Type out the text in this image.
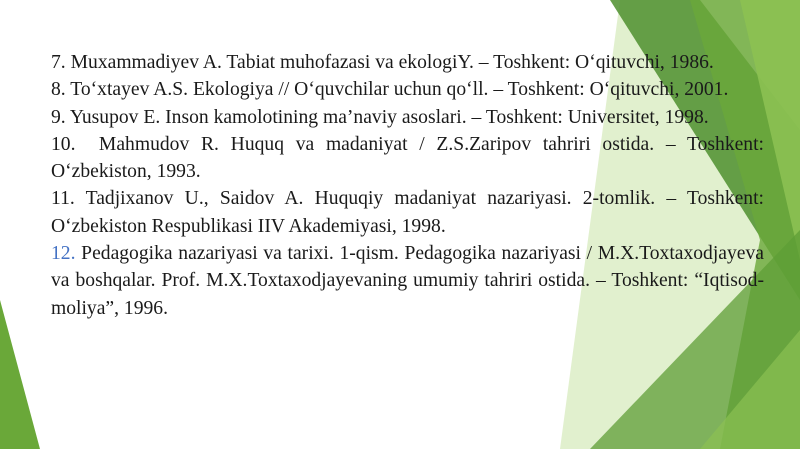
7. Muxammadiyev A. Tabiat muhofazasi va ekologiY. – Toshkent: O‘qituvchi, 1986.

8. To‘xtayev A.S. Ekologiya // O‘quvchilar uchun qo‘ll. – Toshkent: O‘qituvchi, 2001.

9. Yusupov E. Inson kamolotining ma’naviy asoslari. – Toshkent: Universitet, 1998.

10.  Mahmudov R. Huquq va madaniyat / Z.S.Zaripov tahriri ostida. – Toshkent: O‘zbekiston, 1993.

11. Tadjixanov U., Saidov A. Huquqiy madaniyat nazariyasi. 2-tomlik. – Toshkent: O‘zbekiston Respublikasi IIV Akademiyasi, 1998.

12. Pedagogika nazariyasi va tarixi. 1-qism. Pedagogika nazariyasi / M.X.Toxtaxodjayeva va boshqalar. Prof. M.X.Toxtaxodjayevaning umumiy tahriri ostida. – Toshkent: “Iqtisod-moliya”, 1996.
